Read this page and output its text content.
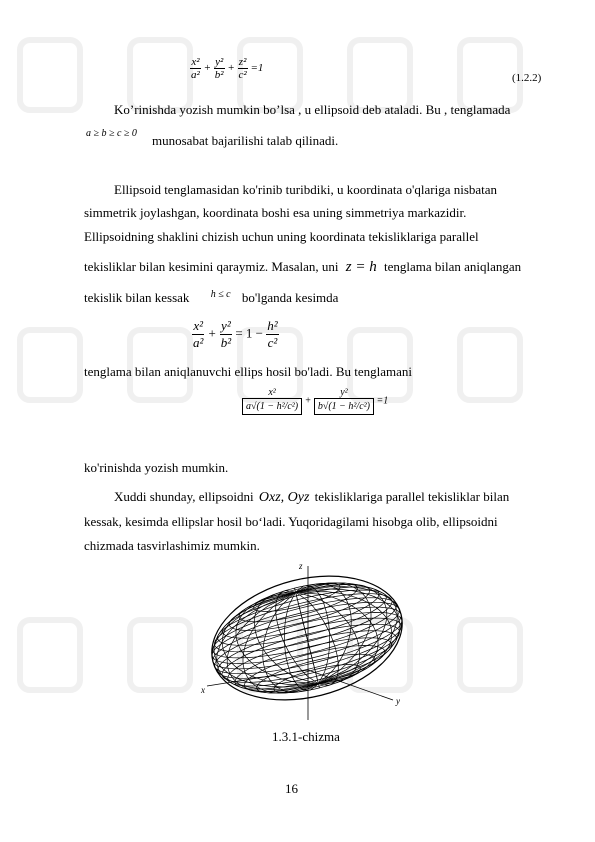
$\frac{\text{x²}}{\text{a²}} + \frac{\text{y²}}{\text{b²}} + \frac{\text{z²}}{\text{c²}} =1$
(1.2.2)
Ko’rinishda yozish mumkin bo’lsa , u ellipsoid deb ataladi. Bu , tenglamada
a ≥ b ≥ c ≥ 0 munosabat bajarilishi talab qilinadi.
Ellipsoid tenglamasidan ko'rinib turibdiki, u koordinata o'qlariga nisbatan
simmetrik joylashgan, koordinata boshi esa uning simmetriya markazidir.
Ellipsoidning shaklini chizish uchun uning koordinata tekisliklariga parallel
tekisliklar bilan kesimini qaraymiz. Masalan, uni z = h tenglama bilan aniqlangan
tekislik bilan kessak $^{h \le c}$ bo'lganda kesimda
$\frac{\text{x²}}{\text{a²}} + \frac{\text{y²}}{\text{b²}} = 1 - \frac{\text{h²}}{\text{c²}}$
tenglama bilan aniqlanuvchi ellips hosil bo'ladi. Bu tenglamani
$\frac{\text{x²}}{\text{a√(1 − h²/c²)}} + \frac{\text{y²}}{\text{b√(1 − h²/c²)}} =1$
ko'rinishda yozish mumkin.
Xuddi shunday, ellipsoidni Oxz, Oyz tekisliklariga parallel tekisliklar bilan
kessak, kesimda ellipslar hosil bo‘ladi. Yuqoridagilami hisobga olib, ellipsoidni
chizmada tasvirlashimiz mumkin.
z
x
y
1.3.1-chizma
16
